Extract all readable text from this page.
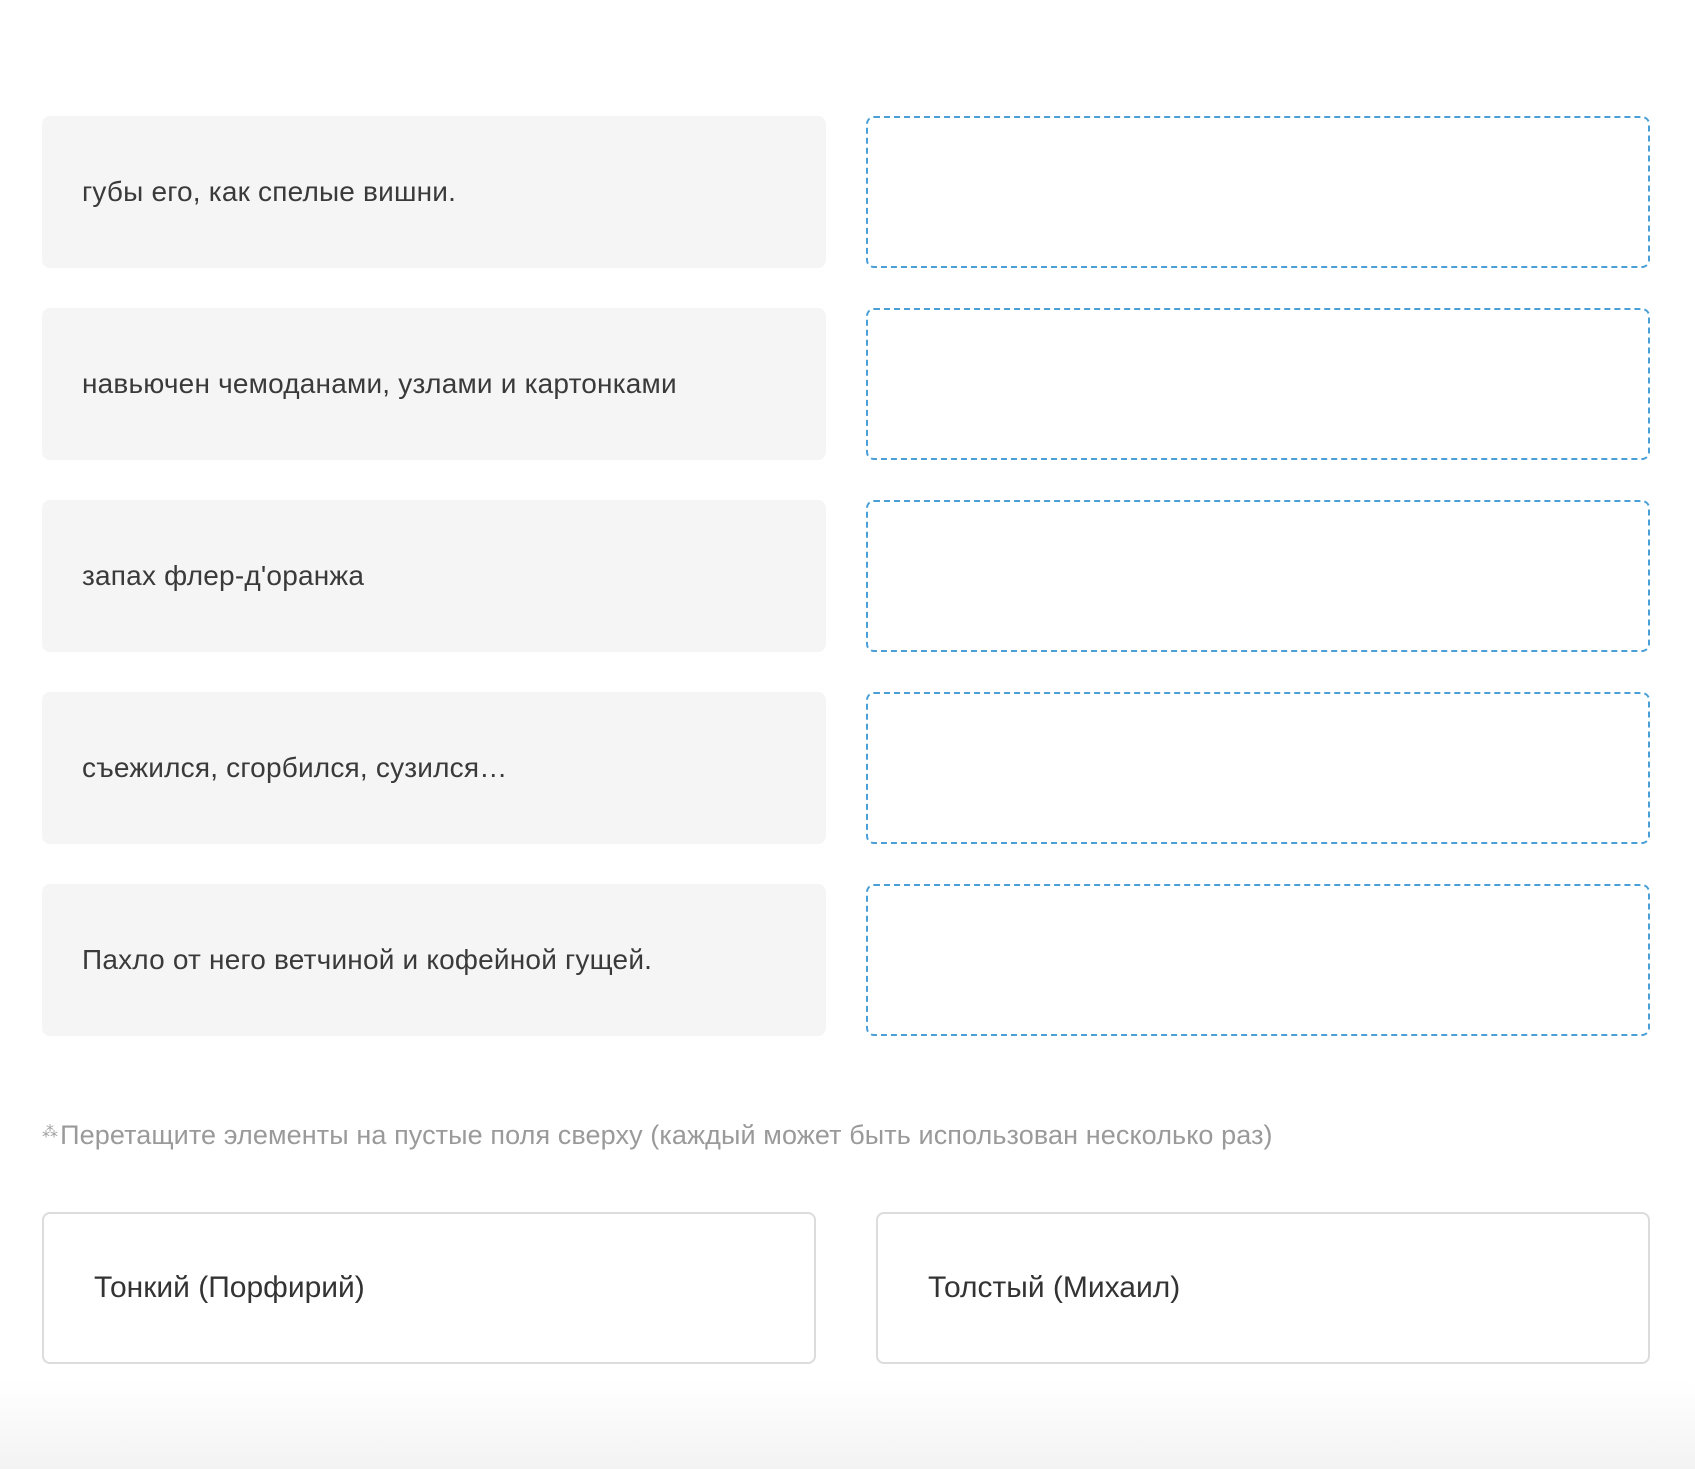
губы его, как спелые вишни.
навьючен чемоданами, узлами и картонками
запах флер-д'оранжа
съежился, сгорбился, сузился…
Пахло от него ветчиной и кофейной гущей.
⁂Перетащите элементы на пустые поля сверху (каждый может быть использован несколько раз)
Тонкий (Порфирий)	Толстый (Михаил)
